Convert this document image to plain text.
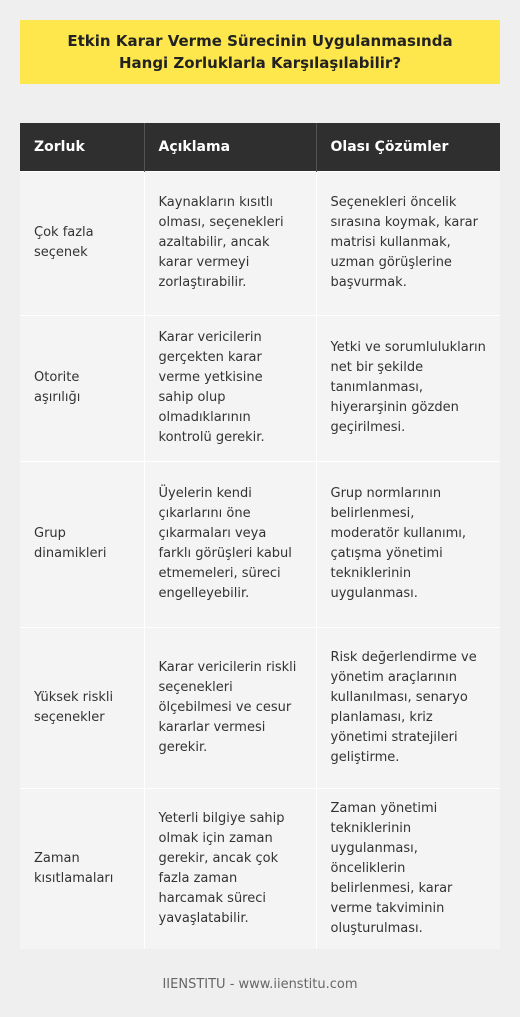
Etkin Karar Verme Sürecinin Uygulanmasında Hangi Zorluklarla Karşılaşılabilir?
Zorluk	Açıklama	Olası Çözümler
Çok fazla seçenek	Kaynakların kısıtlı olması, seçenekleri azaltabilir, ancak karar vermeyi zorlaştırabilir.	Seçenekleri öncelik sırasına koymak, karar matrisi kullanmak, uzman görüşlerine başvurmak.
Otorite aşırılığı	Karar vericilerin gerçekten karar verme yetkisine sahip olup olmadıklarının kontrolü gerekir.	Yetki ve sorumlulukların net bir şekilde tanımlanması, hiyerarşinin gözden geçirilmesi.
Grup dinamikleri	Üyelerin kendi çıkarlarını öne çıkarmaları veya farklı görüşleri kabul etmemeleri, süreci engelleyebilir.	Grup normlarının belirlenmesi, moderatör kullanımı, çatışma yönetimi tekniklerinin uygulanması.
Yüksek riskli seçenekler	Karar vericilerin riskli seçenekleri ölçebilmesi ve cesur kararlar vermesi gerekir.	Risk değerlendirme ve yönetim araçlarının kullanılması, senaryo planlaması, kriz yönetimi stratejileri geliştirme.
Zaman kısıtlamaları	Yeterli bilgiye sahip olmak için zaman gerekir, ancak çok fazla zaman harcamak süreci yavaşlatabilir.	Zaman yönetimi tekniklerinin uygulanması, önceliklerin belirlenmesi, karar verme takviminin oluşturulması.
IIENSTITU - www.iienstitu.com
